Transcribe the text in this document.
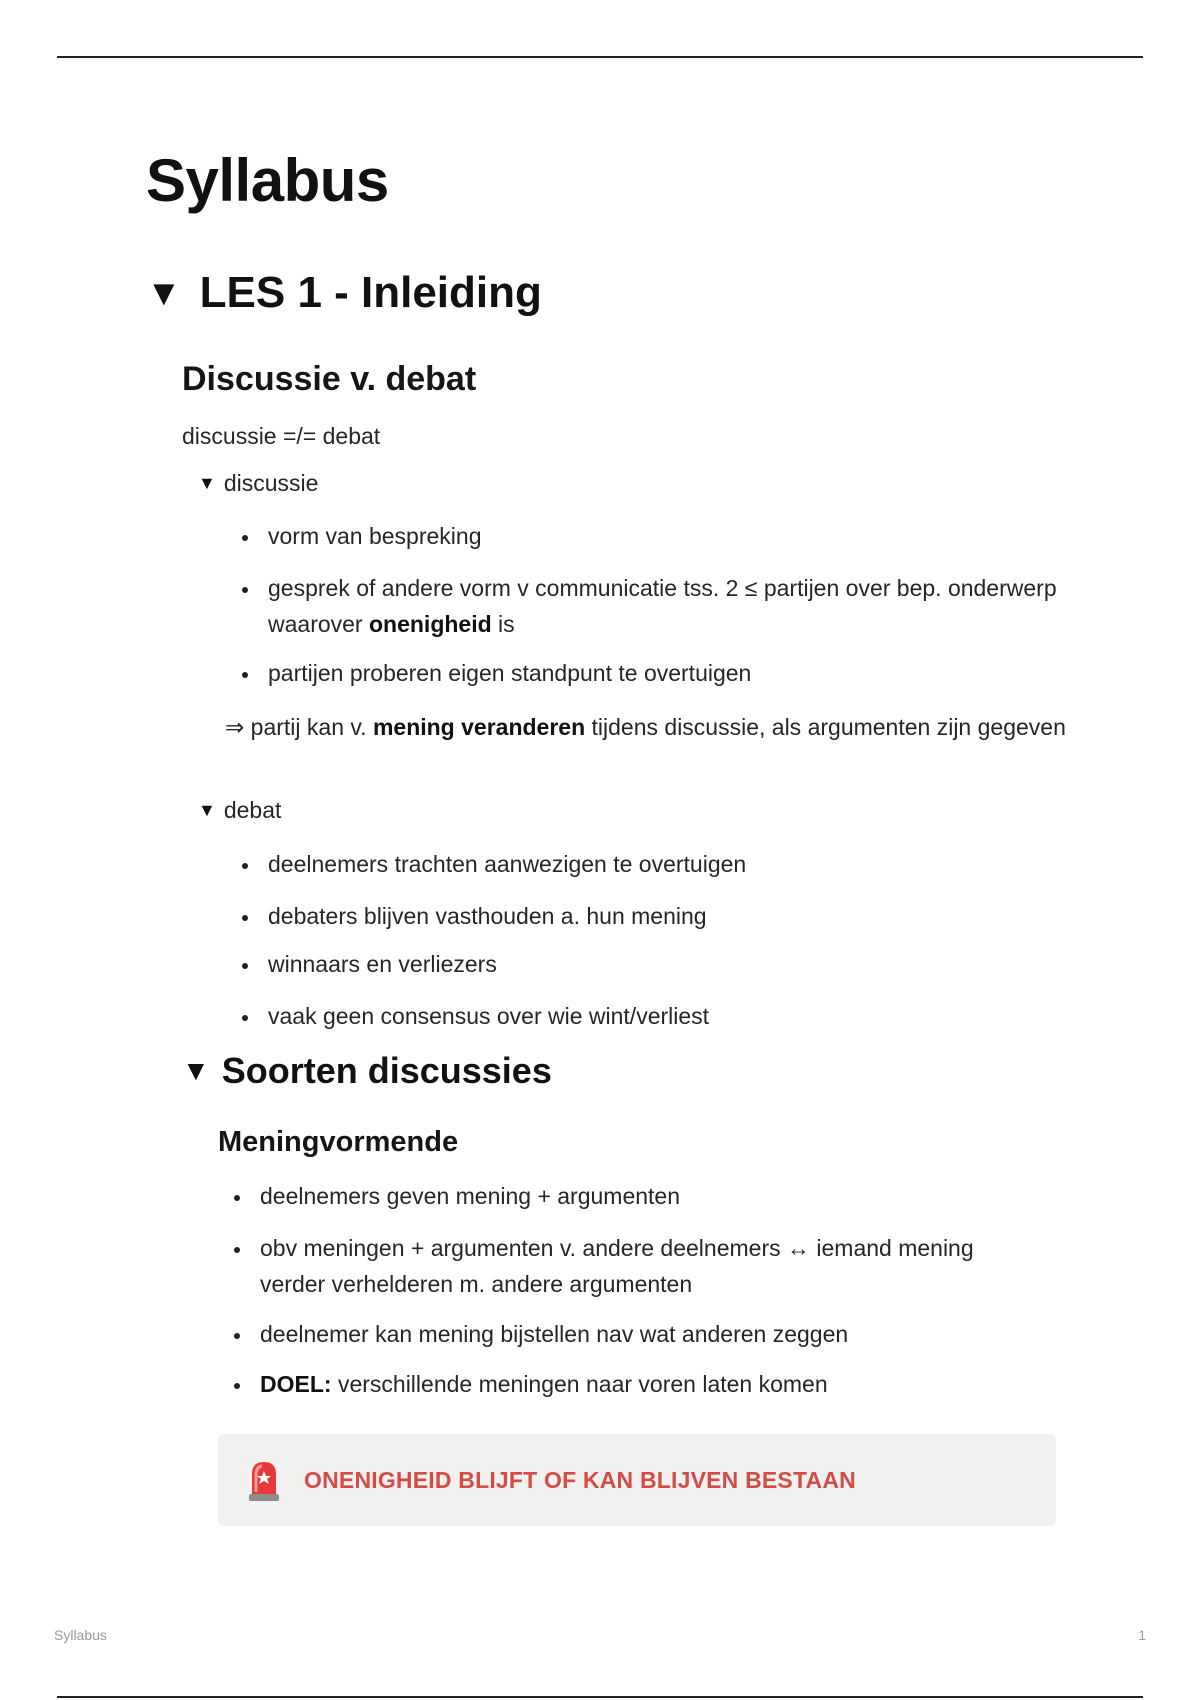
Syllabus
▼ LES 1 - Inleiding
Discussie v. debat
discussie =/= debat
▼ discussie
vorm van bespreking
gesprek of andere vorm v communicatie tss. 2 ≤ partijen over bep. onderwerp waarover onenigheid is
partijen proberen eigen standpunt te overtuigen
⇒ partij kan v. mening veranderen tijdens discussie, als argumenten zijn gegeven
▼ debat
deelnemers trachten aanwezigen te overtuigen
debaters blijven vasthouden a. hun mening
winnaars en verliezers
vaak geen consensus over wie wint/verliest
▼ Soorten discussies
Meningvormende
deelnemers geven mening + argumenten
obv meningen + argumenten v. andere deelnemers ↔ iemand mening verder verhelderen m. andere argumenten
deelnemer kan mening bijstellen nav wat anderen zeggen
DOEL: verschillende meningen naar voren laten komen
ONENIGHEID BLIJFT OF KAN BLIJVEN BESTAAN
Syllabus	1
